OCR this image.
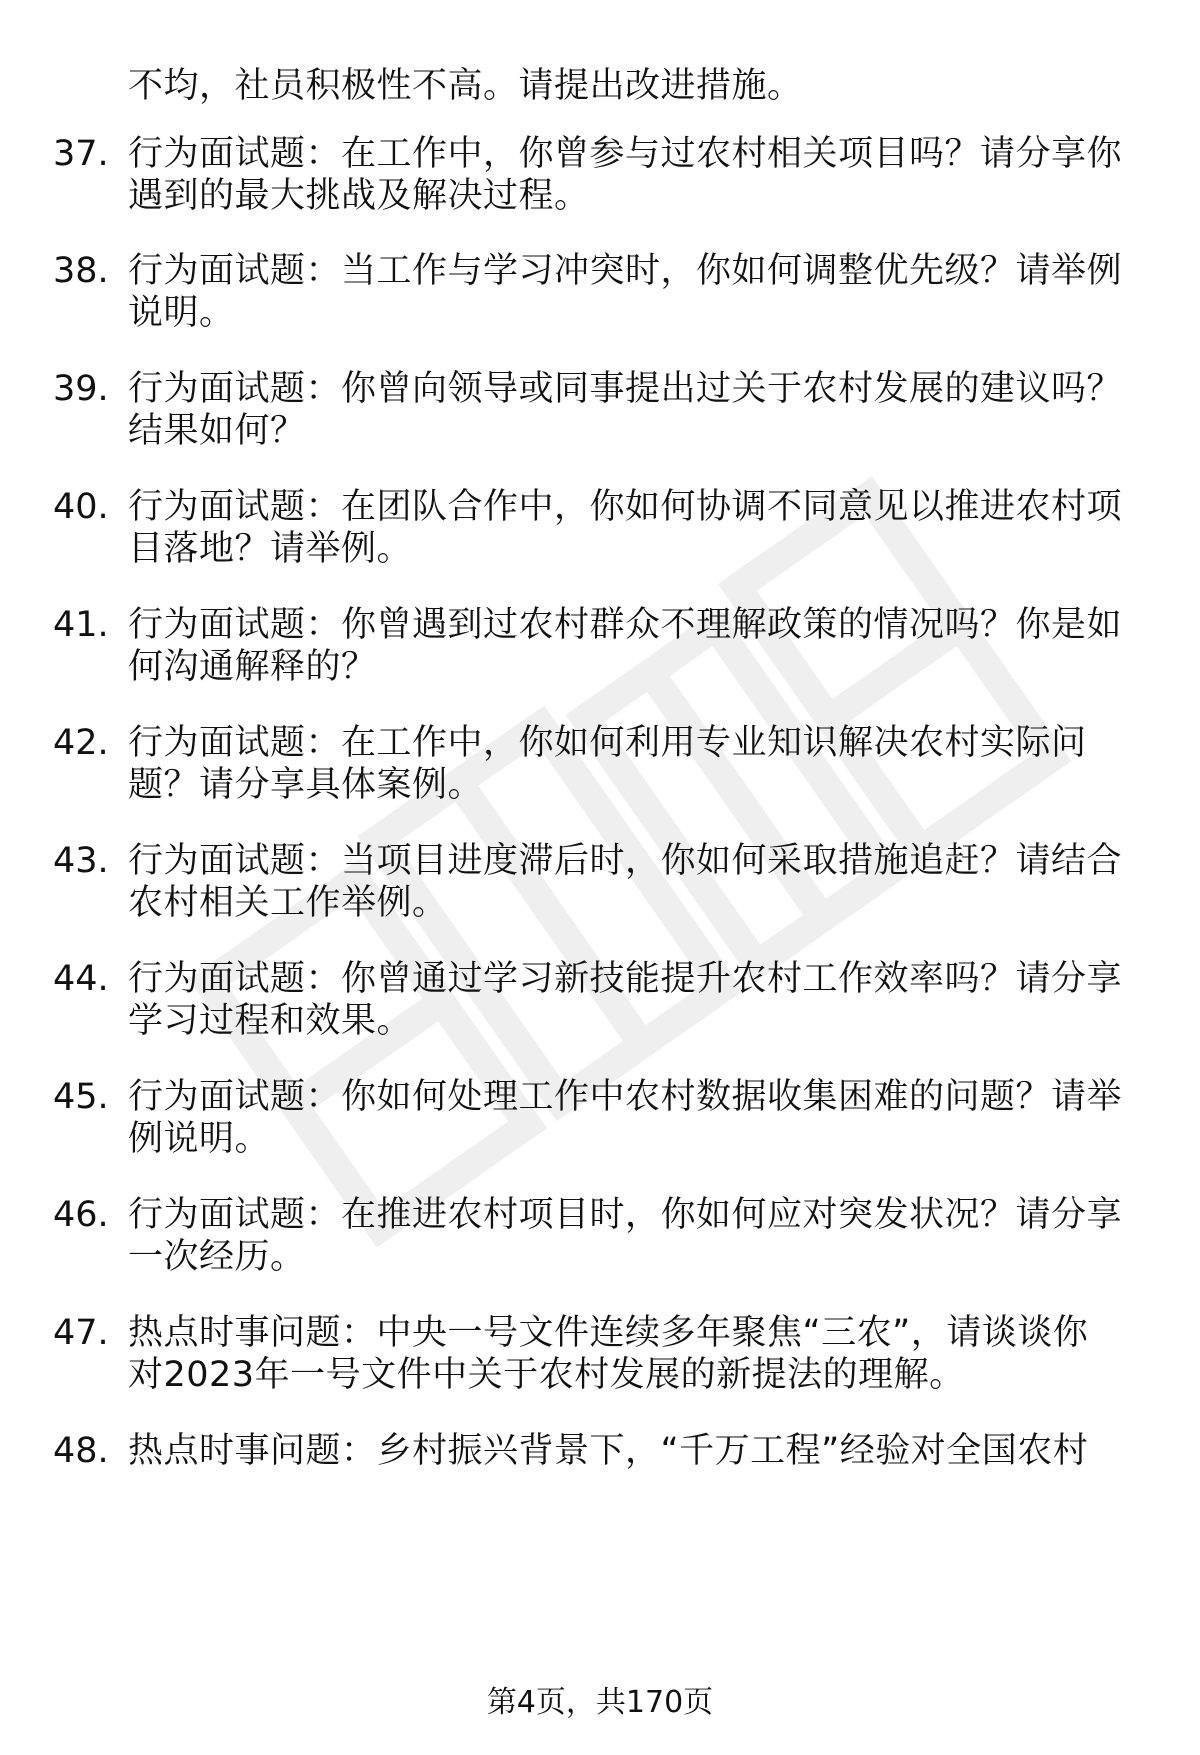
不均，社员积极性不高。请提出改进措施。
37. 行为面试题：在工作中，你曾参与过农村相关项目吗？请分享你
遇到的最大挑战及解决过程。
38. 行为面试题：当工作与学习冲突时，你如何调整优先级？请举例
说明。
39. 行为面试题：你曾向领导或同事提出过关于农村发展的建议吗？
结果如何？
40. 行为面试题：在团队合作中，你如何协调不同意见以推进农村项
目落地？请举例。
41. 行为面试题：你曾遇到过农村群众不理解政策的情况吗？你是如
何沟通解释的？
42. 行为面试题：在工作中，你如何利用专业知识解决农村实际问
题？请分享具体案例。
43. 行为面试题：当项目进度滞后时，你如何采取措施追赶？请结合
农村相关工作举例。
44. 行为面试题：你曾通过学习新技能提升农村工作效率吗？请分享
学习过程和效果。
45. 行为面试题：你如何处理工作中农村数据收集困难的问题？请举
例说明。
46. 行为面试题：在推进农村项目时，你如何应对突发状况？请分享
一次经历。
47. 热点时事问题：中央一号文件连续多年聚焦“三农”，请谈谈你
对2023年一号文件中关于农村发展的新提法的理解。
48. 热点时事问题：乡村振兴背景下，“千万工程”经验对全国农村
第4页，共170页
